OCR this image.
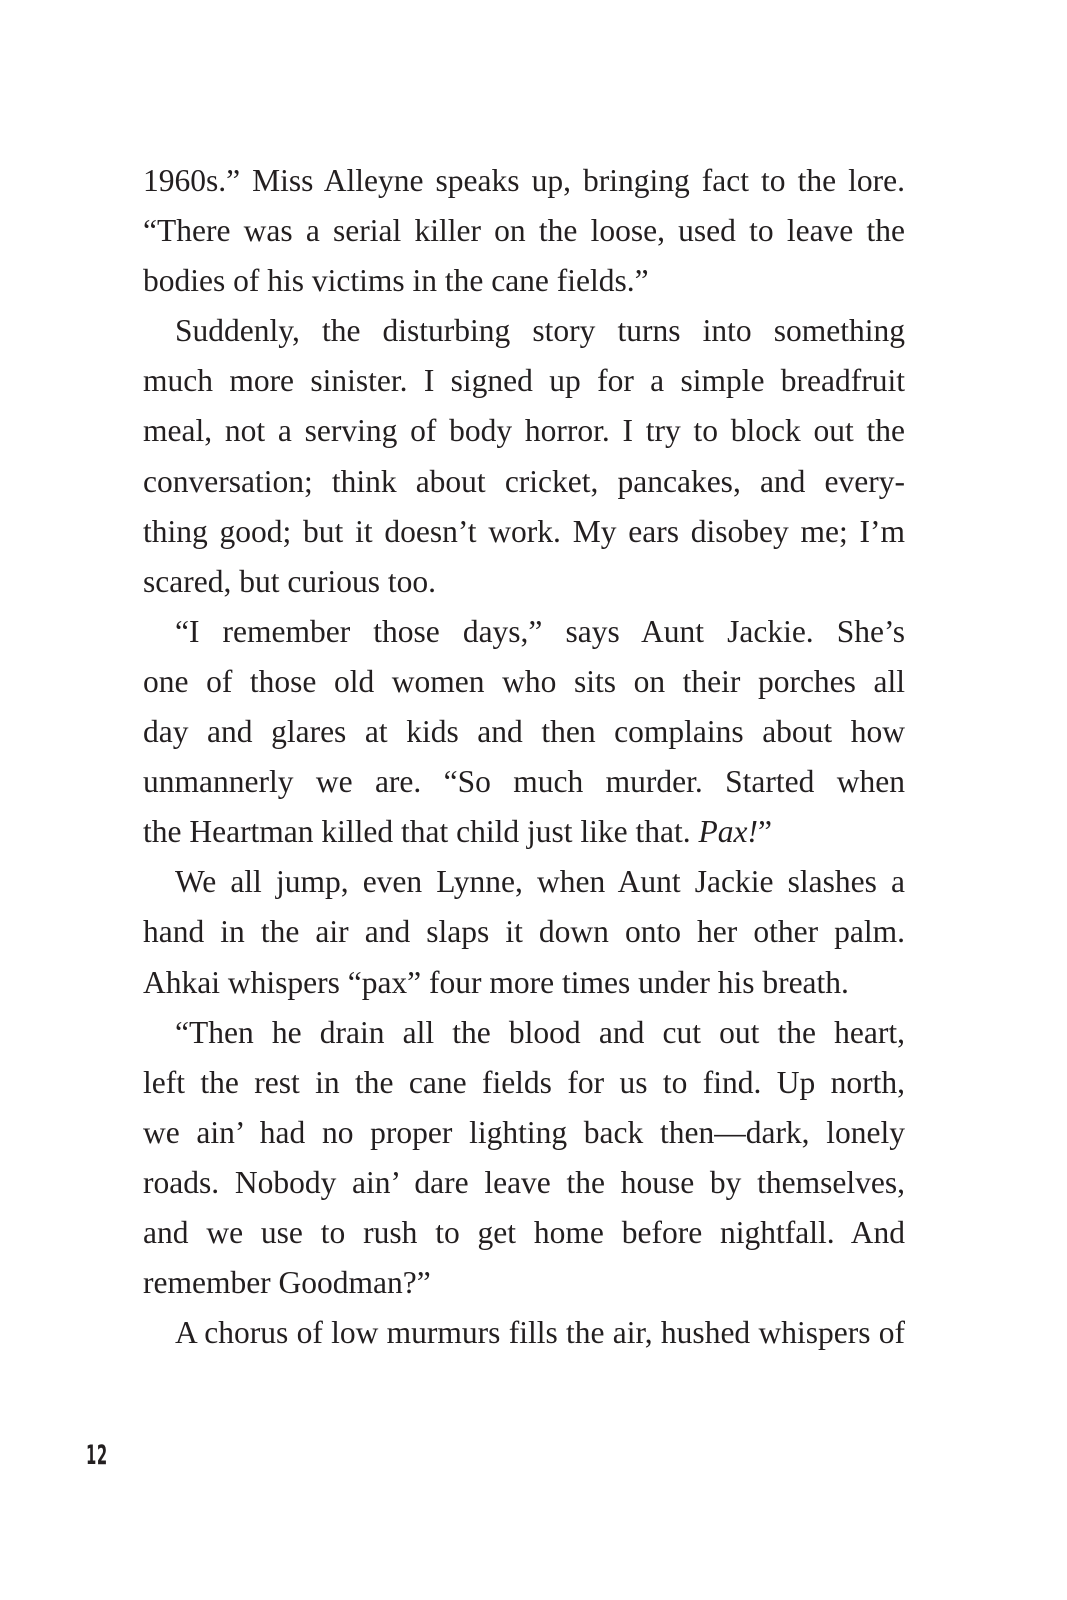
1960s.” Miss Alleyne speaks up, bringing fact to the lore.
“There was a serial killer on the loose, used to leave the
bodies of his victims in the cane fields.”
Suddenly, the disturbing story turns into something
much more sinister. I signed up for a simple breadfruit
meal, not a serving of body horror. I try to block out the
conversation; think about cricket, pancakes, and every-
thing good; but it doesn’t work. My ears disobey me; I’m
scared, but curious too.
“I remember those days,” says Aunt Jackie. She’s
one of those old women who sits on their porches all
day and glares at kids and then complains about how
unmannerly we are. “So much murder. Started when
the Heartman killed that child just like that. Pax!”
We all jump, even Lynne, when Aunt Jackie slashes a
hand in the air and slaps it down onto her other palm.
Ahkai whispers “pax” four more times under his breath.
“Then he drain all the blood and cut out the heart,
left the rest in the cane fields for us to find. Up north,
we ain’ had no proper lighting back then—dark, lonely
roads. Nobody ain’ dare leave the house by themselves,
and we use to rush to get home before nightfall. And
remember Goodman?”
A chorus of low murmurs fills the air, hushed whispers of
12
